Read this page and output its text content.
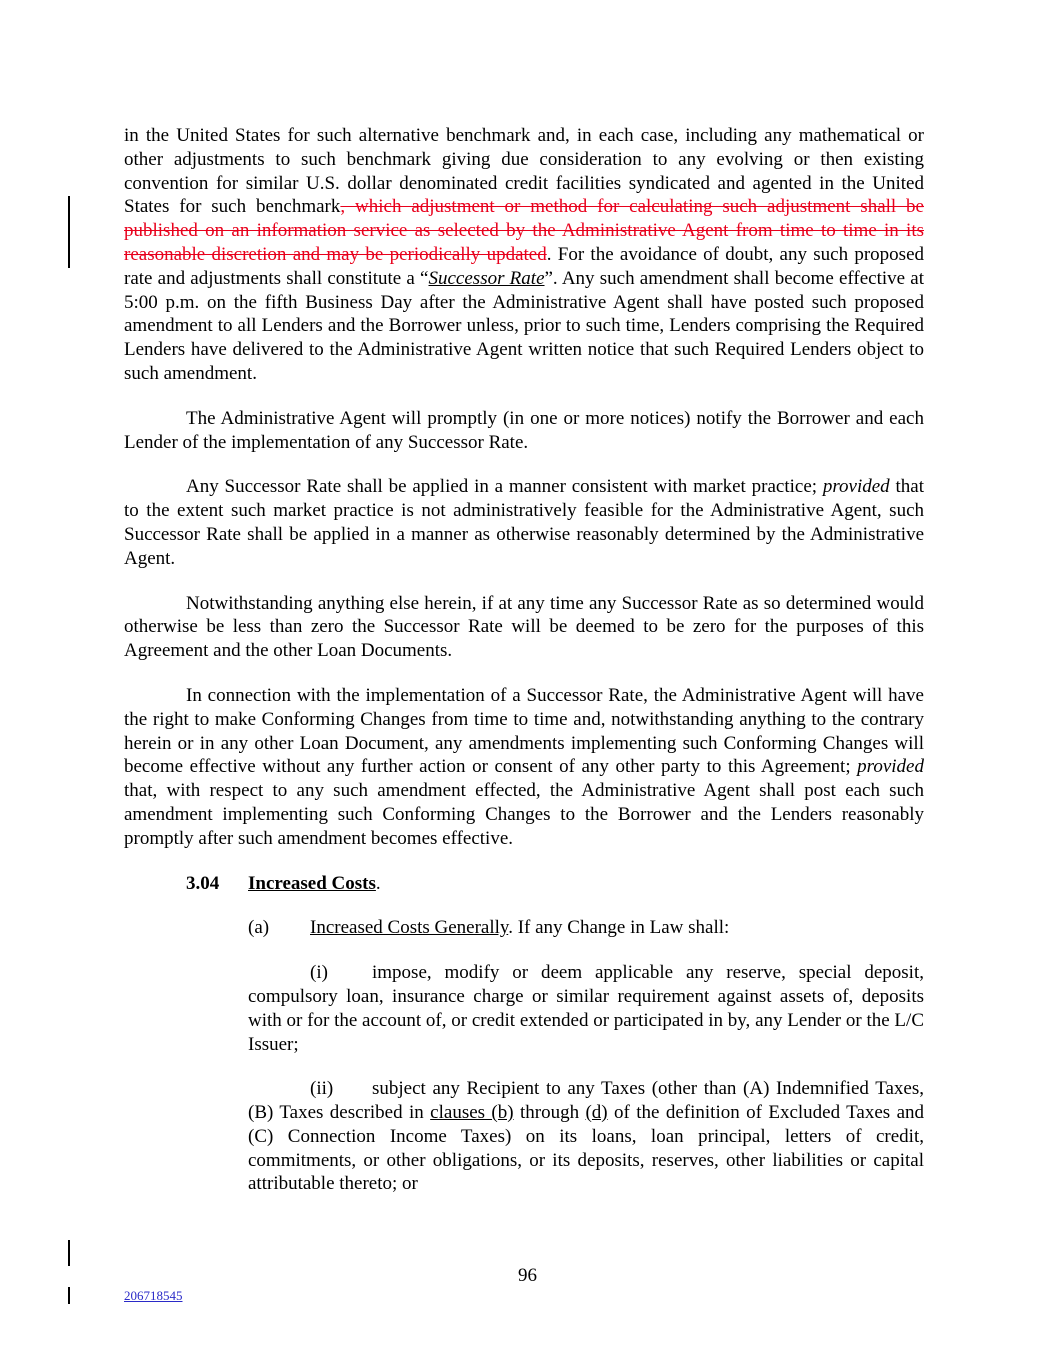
in the United States for such alternative benchmark and, in each case, including any mathematical or other adjustments to such benchmark giving due consideration to any evolving or then existing convention for similar U.S. dollar denominated credit facilities syndicated and agented in the United States for such benchmark, which adjustment or method for calculating such adjustment shall be published on an information service as selected by the Administrative Agent from time to time in its reasonable discretion and may be periodically updated. For the avoidance of doubt, any such proposed rate and adjustments shall constitute a “Successor Rate”. Any such amendment shall become effective at 5:00 p.m. on the fifth Business Day after the Administrative Agent shall have posted such proposed amendment to all Lenders and the Borrower unless, prior to such time, Lenders comprising the Required Lenders have delivered to the Administrative Agent written notice that such Required Lenders object to such amendment.

The Administrative Agent will promptly (in one or more notices) notify the Borrower and each Lender of the implementation of any Successor Rate.

Any Successor Rate shall be applied in a manner consistent with market practice; provided that to the extent such market practice is not administratively feasible for the Administrative Agent, such Successor Rate shall be applied in a manner as otherwise reasonably determined by the Administrative Agent.

Notwithstanding anything else herein, if at any time any Successor Rate as so determined would otherwise be less than zero the Successor Rate will be deemed to be zero for the purposes of this Agreement and the other Loan Documents.

In connection with the implementation of a Successor Rate, the Administrative Agent will have the right to make Conforming Changes from time to time and, notwithstanding anything to the contrary herein or in any other Loan Document, any amendments implementing such Conforming Changes will become effective without any further action or consent of any other party to this Agreement; provided that, with respect to any such amendment effected, the Administrative Agent shall post each such amendment implementing such Conforming Changes to the Borrower and the Lenders reasonably promptly after such amendment becomes effective.

3.04 Increased Costs.

(a) Increased Costs Generally. If any Change in Law shall:

(i) impose, modify or deem applicable any reserve, special deposit, compulsory loan, insurance charge or similar requirement against assets of, deposits with or for the account of, or credit extended or participated in by, any Lender or the L/C Issuer;

(ii) subject any Recipient to any Taxes (other than (A) Indemnified Taxes, (B) Taxes described in clauses (b) through (d) of the definition of Excluded Taxes and (C) Connection Income Taxes) on its loans, loan principal, letters of credit, commitments, or other obligations, or its deposits, reserves, other liabilities or capital attributable thereto; or

96
206718545
